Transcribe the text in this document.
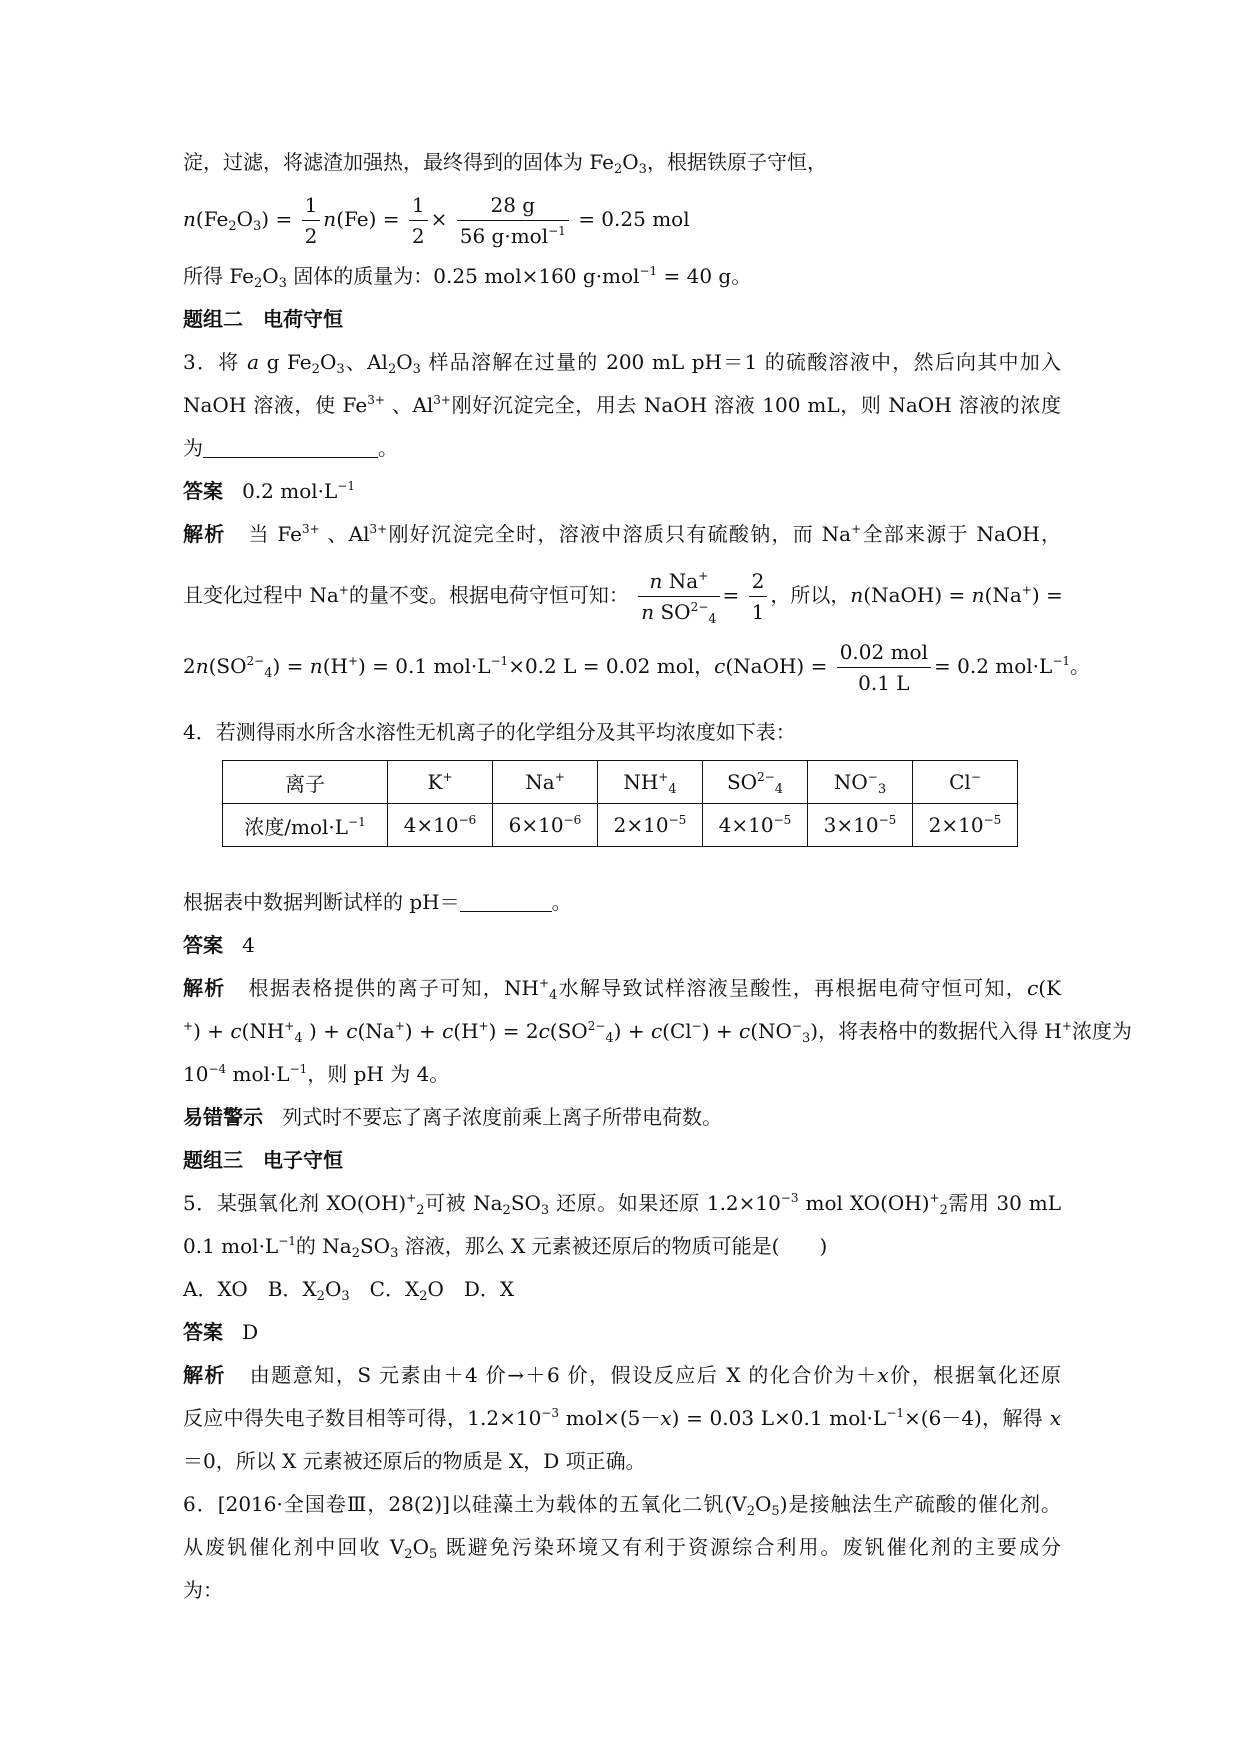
淀，过滤，将滤渣加强热，最终得到的固体为 $Fe_2O_3$，根据铁原子守恒，
$n(Fe_2O_3) = \frac{1}{2} n(Fe) = \frac{1}{2} \times \frac{28 g}{56 g\cdot mol^{-1}} = 0.25$ mol
所得 $Fe_2O_3$ 固体的质量为：0.25 mol×160 g·mol$^{-1}$ = 40 g。
题组二　电荷守恒
3．将 a g $Fe_2O_3$、$Al_2O_3$ 样品溶解在过量的 200 mL pH＝1 的硫酸溶液中，然后向其中加入
NaOH 溶液，使 $Fe^{3+}$ 、$Al^{3+}$刚好沉淀完全，用去 NaOH 溶液 100 mL，则 NaOH 溶液的浓度
为	。
答案 0.2 $mol\cdot L^{-1}$
解析 当 $Fe^{3+}$ 、$Al^{3+}$刚好沉淀完全时，溶液中溶质只有硫酸钠，而 Na+全部来源于 NaOH，
且变化过程中 Na+的量不变。根据电荷守恒可知： $\frac{n Na^+}{n SO^{2-}_4} = \frac{2}{1}$ ，所以，n(NaOH) = n(Na+) =
$2n(SO^{2-}_4) = n(H^+) = 0.1$ $mol\cdot L^{-1}\times 0.2$ L = 0.02 mol，c(NaOH) = $\frac{\text{0.02 mol}}{0.1 L} = 0.2$ $mol\cdot L^{-1}$。
4．若测得雨水所含水溶性无机离子的化学组分及其平均浓度如下表：
离子	K+	Na+	$NH^+_4$	$SO^{2-}_4$	$NO^-_3$	Cl−
浓度$/mol\cdot L^{-1}$	$4\times 10^{-6}$	$6\times 10^{-6}$	$2\times 10^{-5}$	$4\times 10^{-5}$	$3\times 10^{-5}$	$2\times 10^{-5}$
根据表中数据判断试样的 pH＝	。
答案 4
解析 根据表格提供的离子可知，$NH^+_4$水解导致试样溶液呈酸性，再根据电荷守恒可知，c(K
$^+) + c(NH^+_4$ ) + $c(Na^+) + c(H^+) = 2c(SO^{2-}_4) + c(Cl^-) + c(NO^-_3)$，将表格中的数据代入得 H+浓度为
$10^{-4}$ $mol\cdot L^{-1}$，则 pH 为 4。
易错警示 列式时不要忘了离子浓度前乘上离子所带电荷数。
题组三　电子守恒
5．某强氧化剂 $XO(OH)^+_2$可被 $Na_2SO_3$ 还原。如果还原 $1.2\times 10^{-3}$ mol $XO(OH)^+_2$需用 30 mL
0.1 $mol\cdot L^{-1}$的 $Na_2SO_3$ 溶液，那么 X 元素被还原后的物质可能是(　　)
A．XO　B．$X_2O_3$　C．$X_2O$　D．X
答案 D
解析 由题意知，S 元素由＋4 价→＋6 价，假设反应后 X 的化合价为＋x价，根据氧化还原
反应中得失电子数目相等可得，$1.2\times 10^{-3}$ mol×(5－x) = 0.03 L×0.1 $mol\cdot L^{-1}\times(6-4)$，解得 x
＝0，所以 X 元素被还原后的物质是 X，D 项正确。
6．[2016·全国卷Ⅲ，28(2)]以硅藻土为载体的五氧化二钒$(V_2O_5)$是接触法生产硫酸的催化剂。
从废钒催化剂中回收 $V_2O_5$ 既避免污染环境又有利于资源综合利用。废钒催化剂的主要成分
为：
